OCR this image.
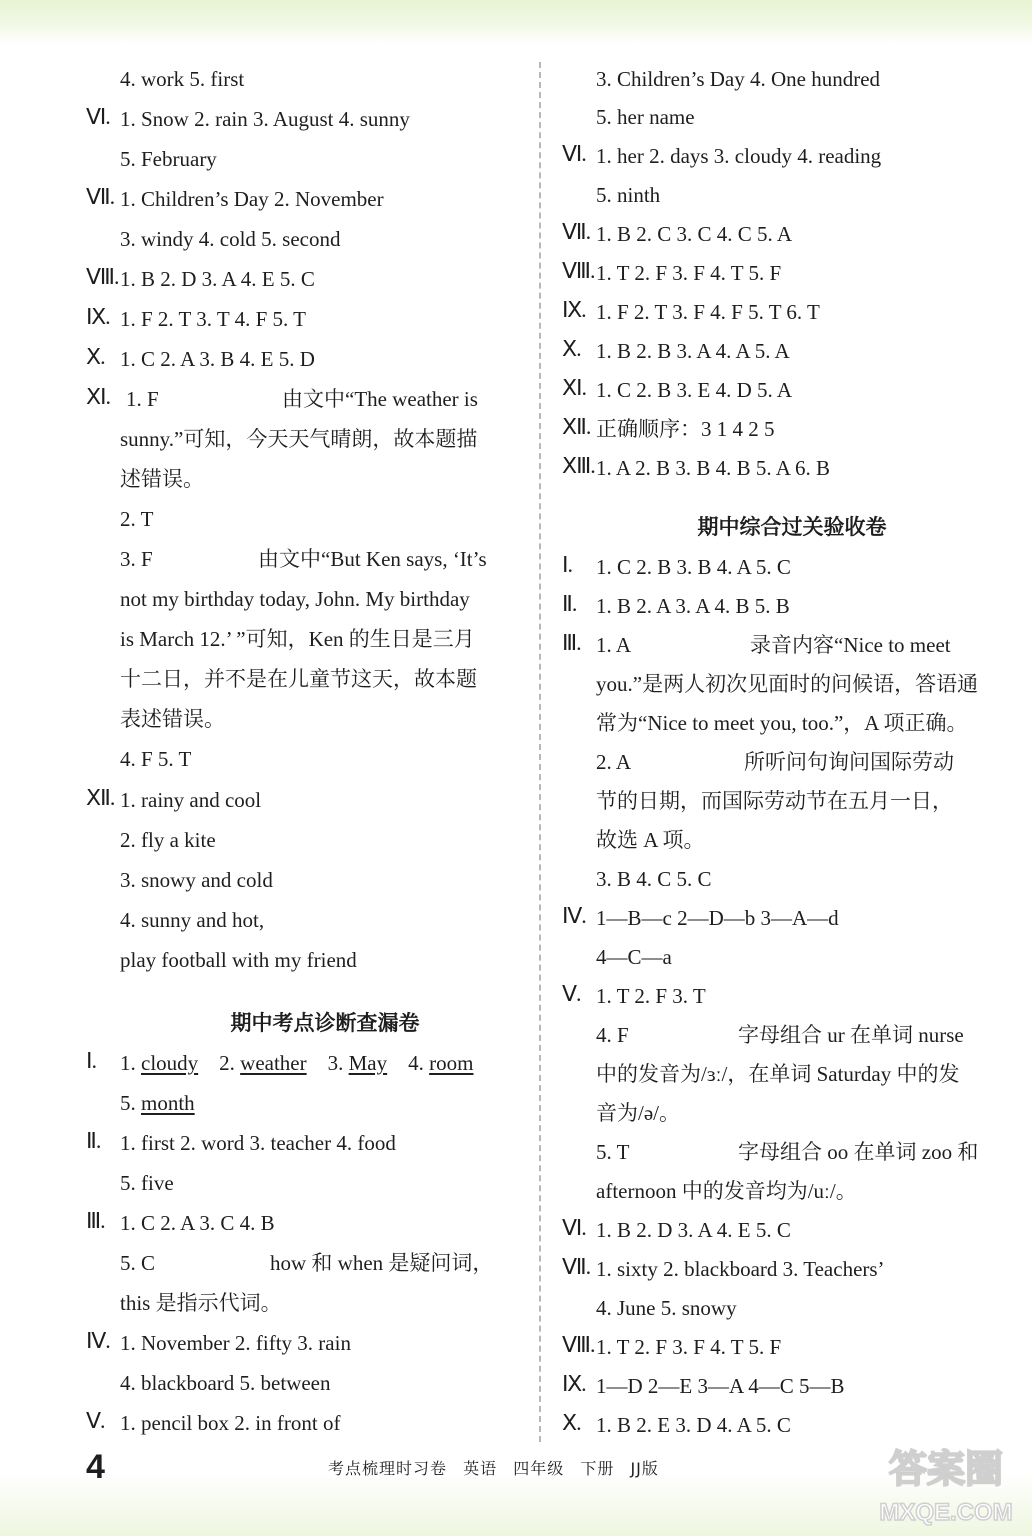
4. work 5. first
Ⅵ. 1. Snow 2. rain 3. August 4. sunny
5. February
Ⅶ. 1. Children’s Day 2. November
3. windy 4. cold 5. second
Ⅷ. 1. B 2. D 3. A 4. E 5. C
Ⅸ. 1. F 2. T 3. T 4. F 5. T
Ⅹ. 1. C 2. A 3. B 4. E 5. D
Ⅺ. 1. F	由文中“The weather is
sunny.”可知，今天天气晴朗，故本题描
述错误。
2. T
3. F	由文中“But Ken says, ‘It’s
not my birthday today, John. My birthday
is March 12.’ ”可知，Ken 的生日是三月
十二日，并不是在儿童节这天，故本题
表述错误。
4. F 5. T
Ⅻ. 1. rainy and cool
2. fly a kite
3. snowy and cold
4. sunny and hot,
play football with my friend
期中考点诊断查漏卷
Ⅰ. 1. cloudy 2. weather 3. May 4. room
5. month
Ⅱ. 1. first 2. word 3. teacher 4. food
5. five
Ⅲ. 1. C 2. A 3. C 4. B
5. C	how 和 when 是疑问词，
this 是指示代词。
Ⅳ. 1. November 2. fifty 3. rain
4. blackboard 5. between
Ⅴ. 1. pencil box 2. in front of
3. Children’s Day 4. One hundred
5. her name
Ⅵ. 1. her 2. days 3. cloudy 4. reading
5. ninth
Ⅶ. 1. B 2. C 3. C 4. C 5. A
Ⅷ. 1. T 2. F 3. F 4. T 5. F
Ⅸ. 1. F 2. T 3. F 4. F 5. T 6. T
Ⅹ. 1. B 2. B 3. A 4. A 5. A
Ⅺ. 1. C 2. B 3. E 4. D 5. A
Ⅻ. 正确顺序：3 1 4 2 5
ⅩⅢ. 1. A 2. B 3. B 4. B 5. A 6. B
期中综合过关验收卷
Ⅰ. 1. C 2. B 3. B 4. A 5. C
Ⅱ. 1. B 2. A 3. A 4. B 5. B
Ⅲ. 1. A	录音内容“Nice to meet
you.”是两人初次见面时的问候语，答语通
常为“Nice to meet you, too.”，A 项正确。
2. A	所听问句询问国际劳动
节的日期，而国际劳动节在五月一日，
故选 A 项。
3. B 4. C 5. C
Ⅳ. 1—B—c 2—D—b 3—A—d
4—C—a
Ⅴ. 1. T 2. F 3. T
4. F	字母组合 ur 在单词 nurse
中的发音为/ɜː/，在单词 Saturday 中的发
音为/ə/。
5. T	字母组合 oo 在单词 zoo 和
afternoon 中的发音均为/uː/。
Ⅵ. 1. B 2. D 3. A 4. E 5. C
Ⅶ. 1. sixty 2. blackboard 3. Teachers’
4. June 5. snowy
Ⅷ. 1. T 2. F 3. F 4. T 5. F
Ⅸ. 1—D 2—E 3—A 4—C 5—B
Ⅹ. 1. B 2. E 3. D 4. A 5. C
4	考点梳理时习卷 英语 四年级 下册 JJ版	答案圈
MXQE.COM
